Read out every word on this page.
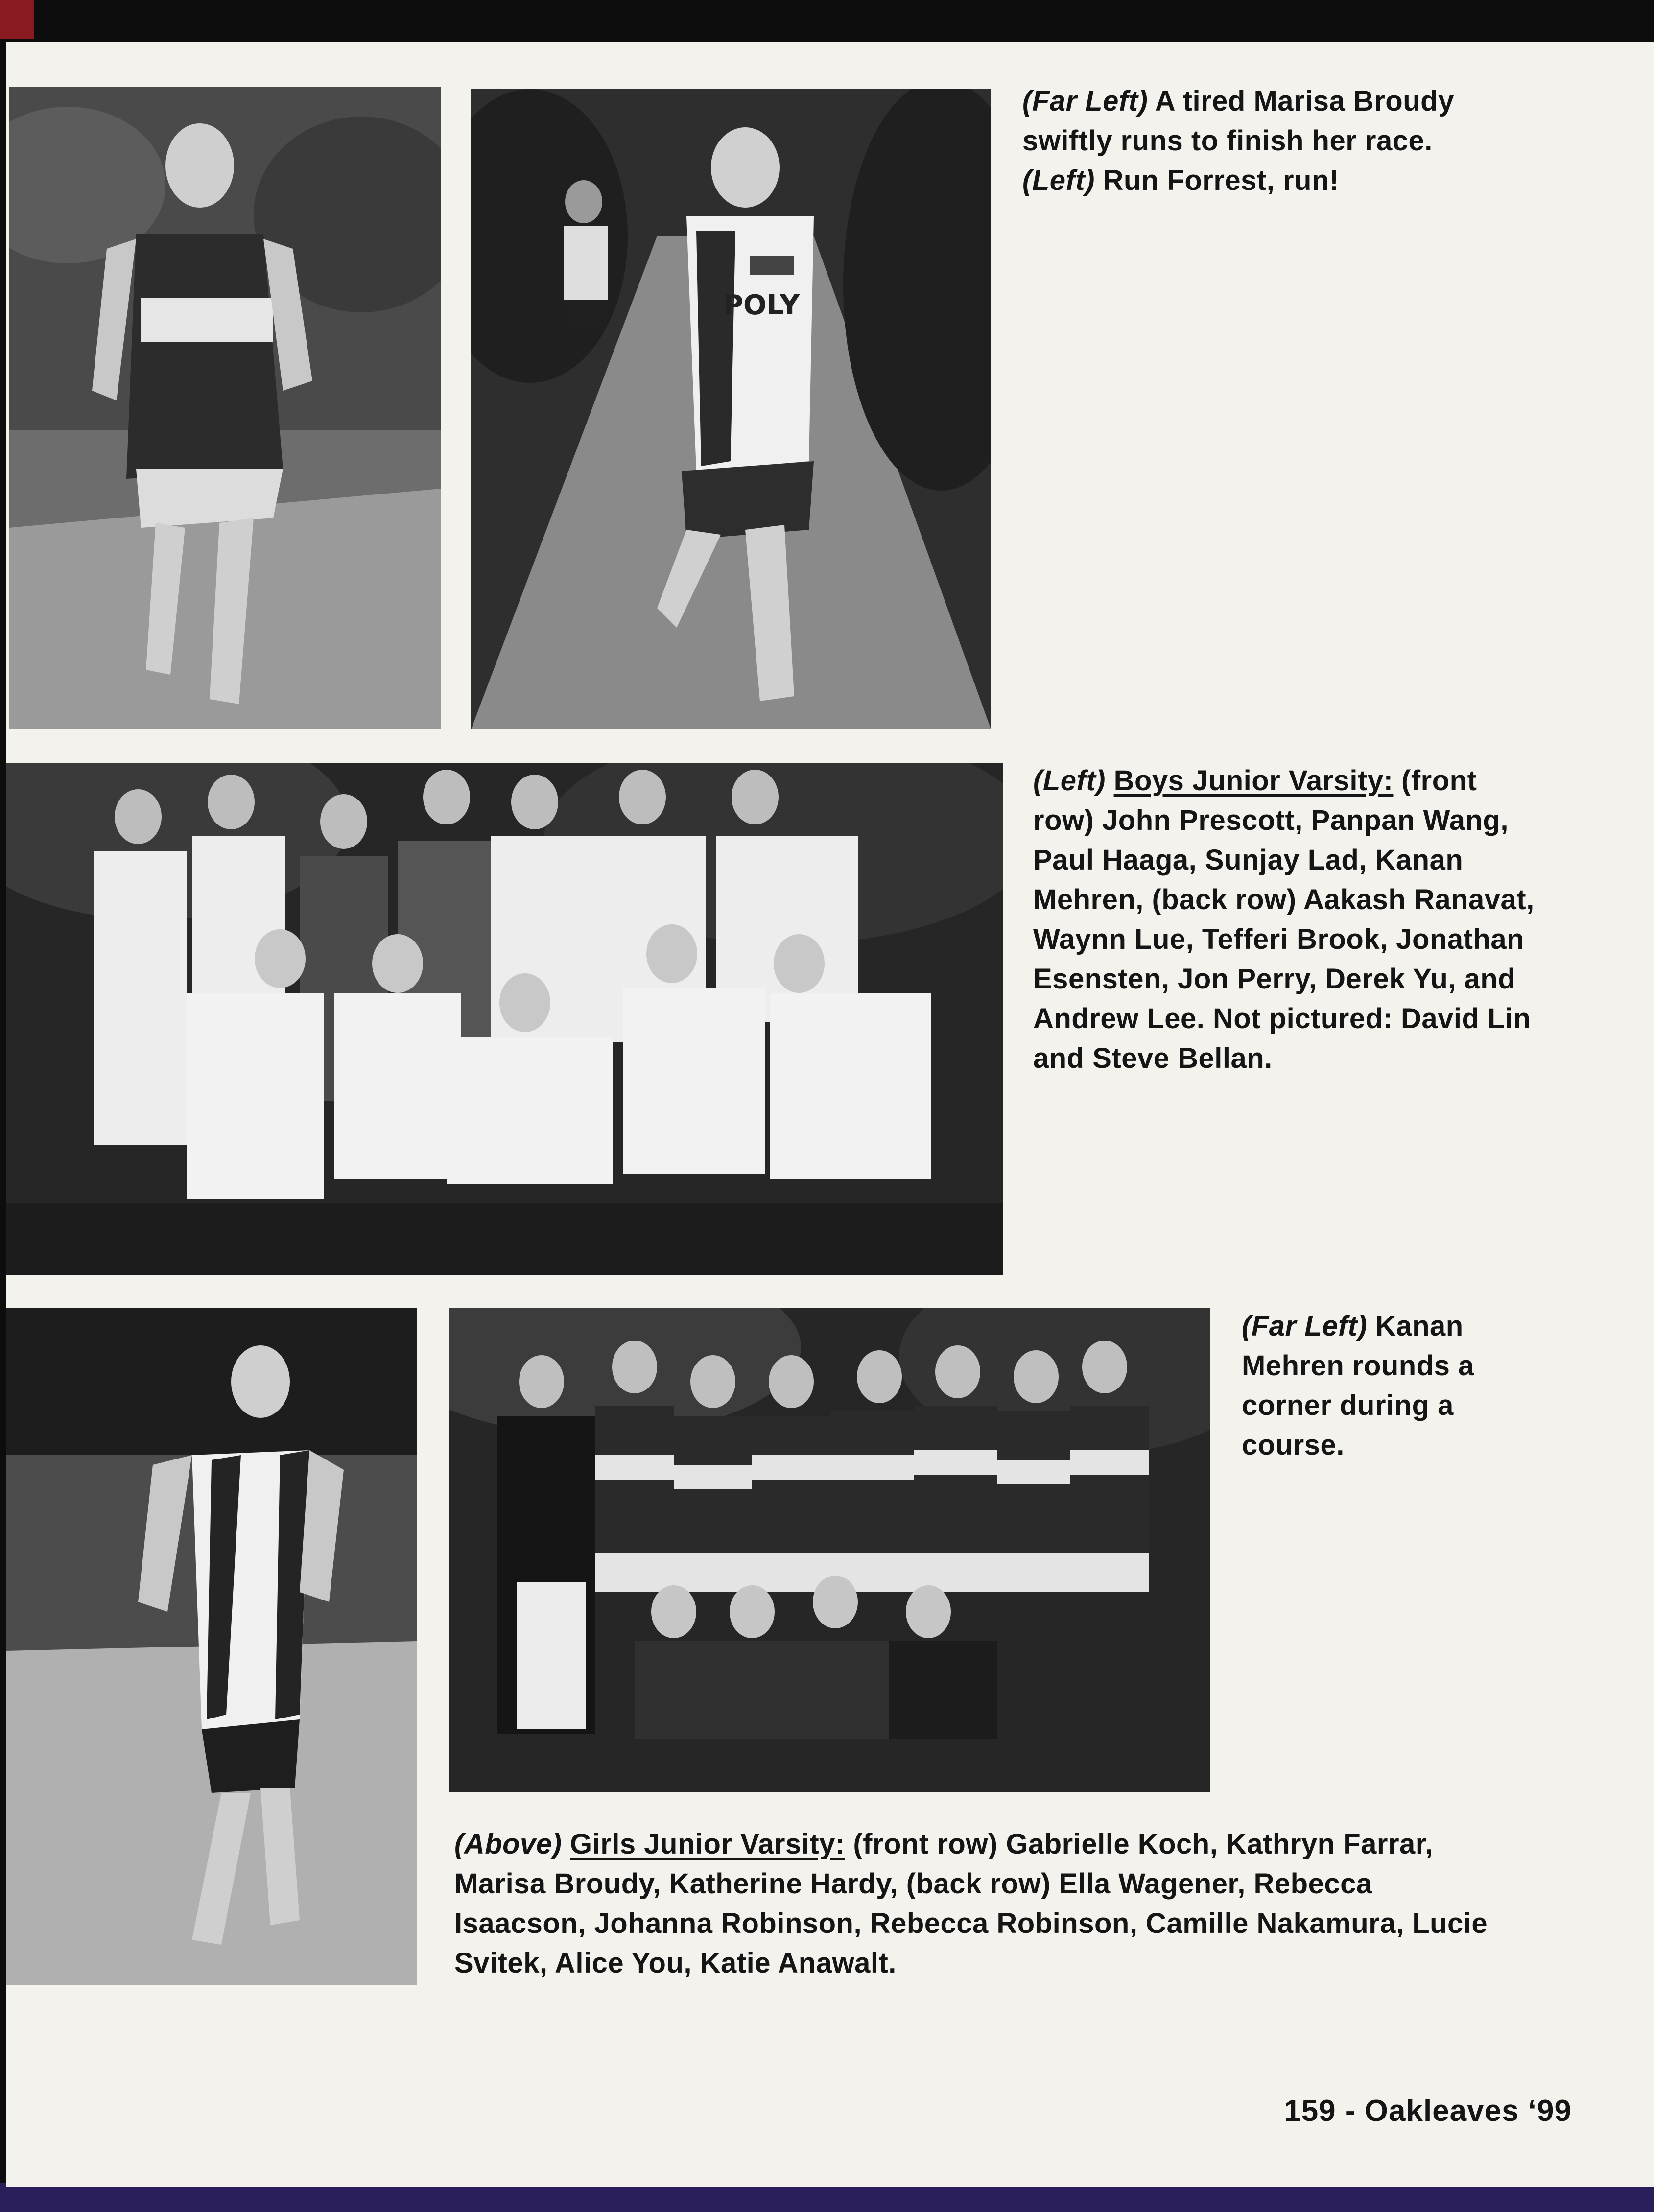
POLY
(Far Left) A tired Marisa Broudy swiftly runs to finish her race.
(Left) Run Forrest, run!
(Left) Boys Junior Varsity: (front row) John Prescott, Panpan Wang, Paul Haaga, Sunjay Lad, Kanan Mehren, (back row) Aakash Ranavat, Waynn Lue, Tefferi Brook, Jonathan Esensten, Jon Perry, Derek Yu, and Andrew Lee. Not pictured: David Lin and Steve Bellan.
(Far Left) Kanan Mehren rounds a corner during a course.
(Above) Girls Junior Varsity: (front row) Gabrielle Koch, Kathryn Farrar, Marisa Broudy, Katherine Hardy, (back row) Ella Wagener, Rebecca Isaacson, Johanna Robinson, Rebecca Robinson, Camille Nakamura, Lucie Svitek, Alice You, Katie Anawalt.
159 - Oakleaves ‘99
